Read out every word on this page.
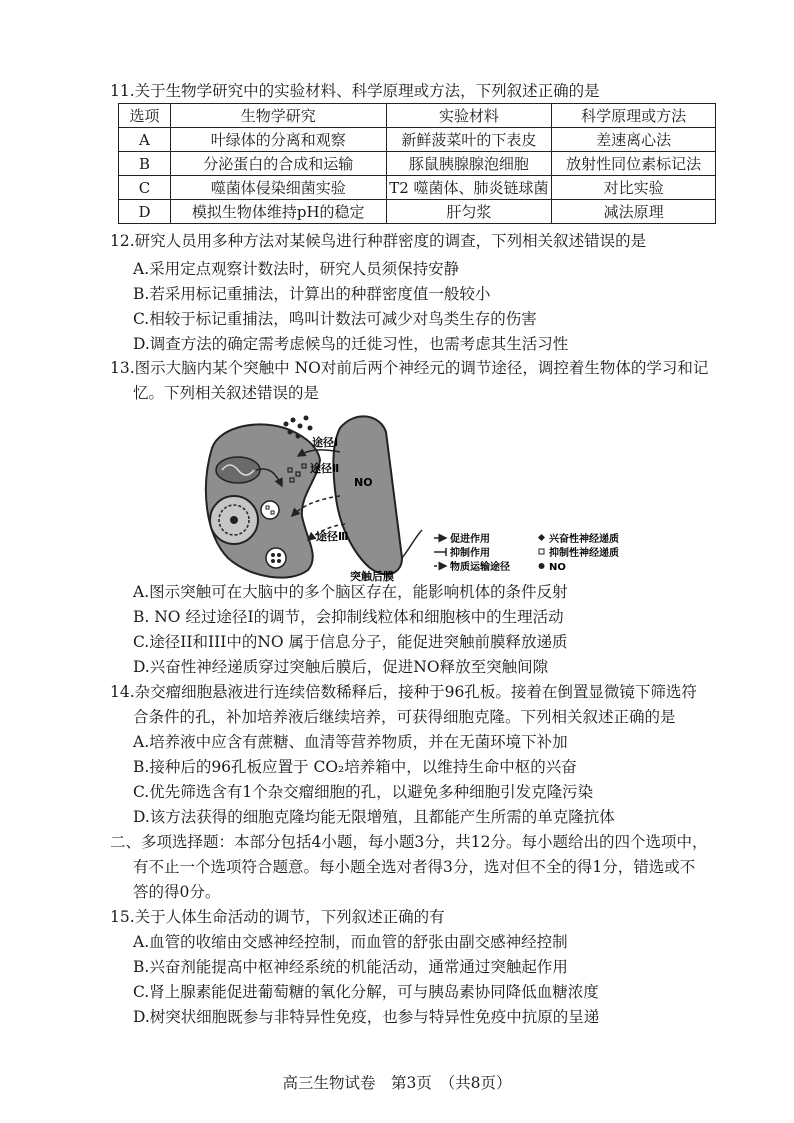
11.关于生物学研究中的实验材料、科学原理或方法，下列叙述正确的是
选项	生物学研究	实验材料	科学原理或方法
A	叶绿体的分离和观察	新鲜菠菜叶的下表皮	差速离心法
B	分泌蛋白的合成和运输	豚鼠胰腺腺泡细胞	放射性同位素标记法
C	噬菌体侵染细菌实验	T2 噬菌体、肺炎链球菌	对比实验
D	模拟生物体维持pH的稳定	肝匀浆	减法原理
12.研究人员用多种方法对某候鸟进行种群密度的调查，下列相关叙述错误的是
A.采用定点观察计数法时，研究人员须保持安静
B.若采用标记重捕法，计算出的种群密度值一般较小
C.相较于标记重捕法，鸣叫计数法可减少对鸟类生存的伤害
D.调查方法的确定需考虑候鸟的迁徙习性，也需考虑其生活习性
13.图示大脑内某个突触中 NO对前后两个神经元的调节途径，调控着生物体的学习和记
忆。下列相关叙述错误的是
途径Ⅰ
途径Ⅱ
途径Ⅲ
NO
突触后膜
促进作用
抑制作用
物质运输途径
兴奋性神经递质
抑制性神经递质
NO
A.图示突触可在大脑中的多个脑区存在，能影响机体的条件反射
B. NO 经过途径Ⅰ的调节，会抑制线粒体和细胞核中的生理活动
C.途径II和III中的NO 属于信息分子，能促进突触前膜释放递质
D.兴奋性神经递质穿过突触后膜后，促进NO释放至突触间隙
14.杂交瘤细胞悬液进行连续倍数稀释后，接种于96孔板。接着在倒置显微镜下筛选符
合条件的孔，补加培养液后继续培养，可获得细胞克隆。下列相关叙述正确的是
A.培养液中应含有蔗糖、血清等营养物质，并在无菌环境下补加
B.接种后的96孔板应置于 CO₂培养箱中，以维持生命中枢的兴奋
C.优先筛选含有1个杂交瘤细胞的孔，以避免多种细胞引发克隆污染
D.该方法获得的细胞克隆均能无限增殖，且都能产生所需的单克隆抗体
二、多项选择题：本部分包括4小题，每小题3分，共12分。每小题给出的四个选项中，
有不止一个选项符合题意。每小题全选对者得3分，选对但不全的得1分，错选或不
答的得0分。
15.关于人体生命活动的调节，下列叙述正确的有
A.血管的收缩由交感神经控制，而血管的舒张由副交感神经控制
B.兴奋剂能提高中枢神经系统的机能活动，通常通过突触起作用
C.肾上腺素能促进葡萄糖的氧化分解，可与胰岛素协同降低血糖浓度
D.树突状细胞既参与非特异性免疫，也参与特异性免疫中抗原的呈递
高三生物试卷　第3页　（共8页）
